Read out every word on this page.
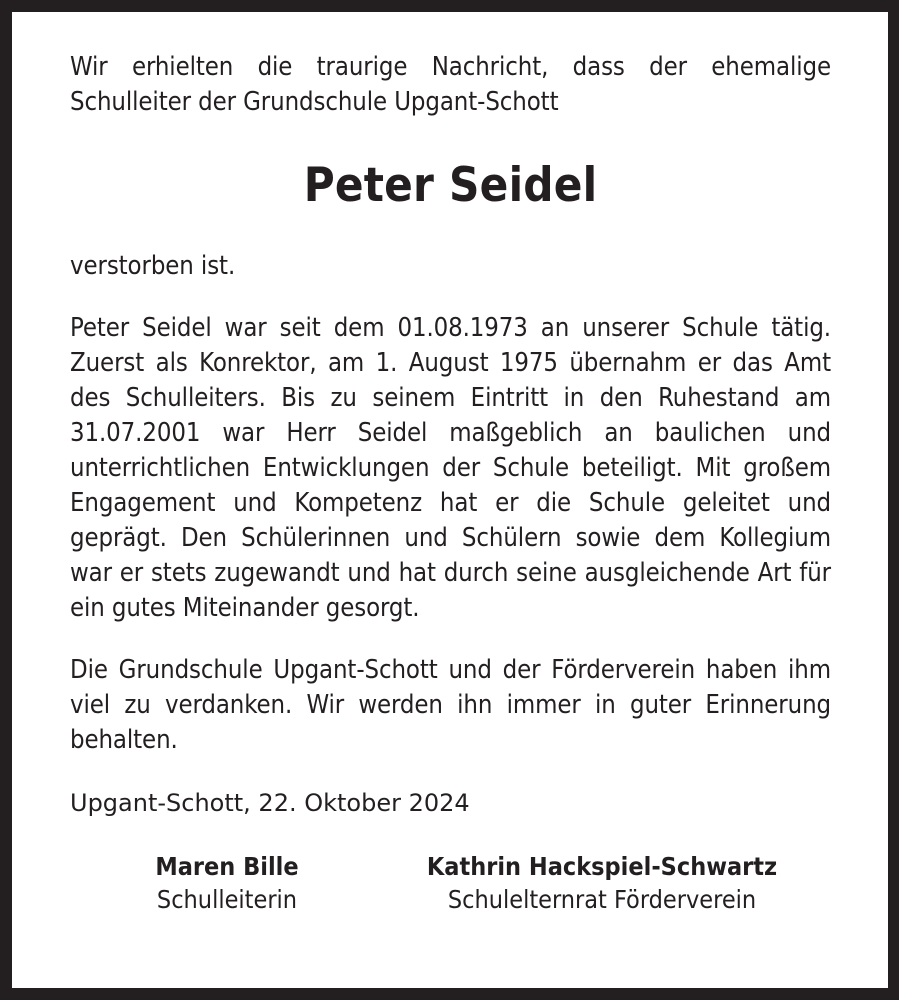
Wir erhielten die traurige Nachricht, dass der ehemalige Schulleiter der Grundschule Upgant-Schott

Peter Seidel

verstorben ist.

Peter Seidel war seit dem 01.08.1973 an unserer Schule tätig. Zuerst als Konrektor, am 1. August 1975 übernahm er das Amt des Schulleiters. Bis zu seinem Eintritt in den Ruhestand am 31.07.2001 war Herr Seidel maßgeblich an baulichen und unterrichtlichen Entwicklungen der Schule beteiligt. Mit großem Engagement und Kompetenz hat er die Schule geleitet und geprägt. Den Schülerinnen und Schülern sowie dem Kollegium war er stets zugewandt und hat durch seine ausgleichende Art für ein gutes Miteinander gesorgt.

Die Grundschule Upgant-Schott und der Förderverein haben ihm viel zu verdanken. Wir werden ihn immer in guter Erinnerung behalten.

Upgant-Schott, 22. Oktober 2024

Maren Bille
Schulleiterin
Kathrin Hackspiel-Schwartz
Schulelternrat Förderverein
